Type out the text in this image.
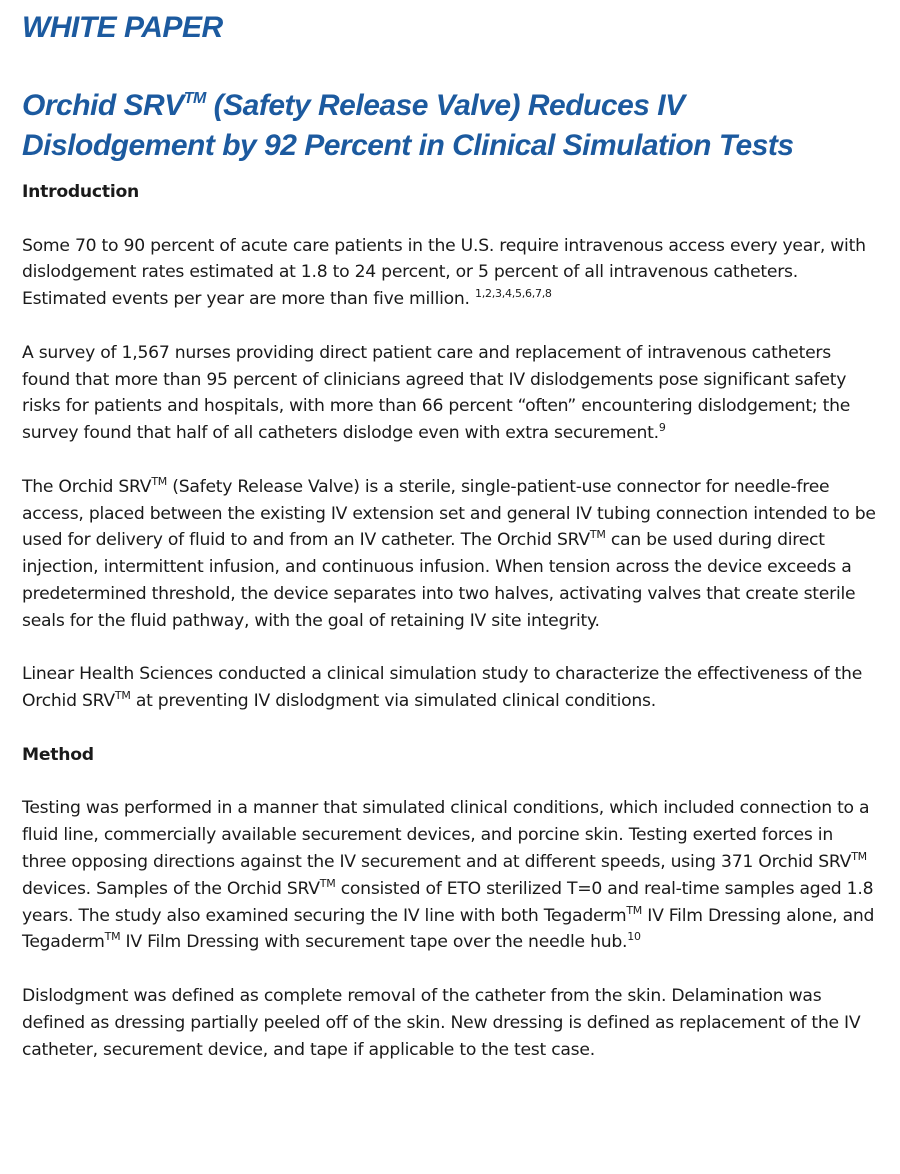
WHITE PAPER
Orchid SRV™ (Safety Release Valve) Reduces IV Dislodgement by 92 Percent in Clinical Simulation Tests
Introduction

Some 70 to 90 percent of acute care patients in the U.S. require intravenous access every year, with dislodgement rates estimated at 1.8 to 24 percent, or 5 percent of all intravenous catheters. Estimated events per year are more than five million. $^{1,2,3,4,5,6,7,8}$

A survey of 1,567 nurses providing direct patient care and replacement of intravenous catheters found that more than 95 percent of clinicians agreed that IV dislodgements pose significant safety risks for patients and hospitals, with more than 66 percent “often” encountering dislodgement; the survey found that half of all catheters dislodge even with extra securement.$^9$

The Orchid SRV™ (Safety Release Valve) is a sterile, single-patient-use connector for needle-free access, placed between the existing IV extension set and general IV tubing connection intended to be used for delivery of fluid to and from an IV catheter. The Orchid SRV™ can be used during direct injection, intermittent infusion, and continuous infusion. When tension across the device exceeds a predetermined threshold, the device separates into two halves, activating valves that create sterile seals for the fluid pathway, with the goal of retaining IV site integrity.

Linear Health Sciences conducted a clinical simulation study to characterize the effectiveness of the Orchid SRV™ at preventing IV dislodgment via simulated clinical conditions.

Method

Testing was performed in a manner that simulated clinical conditions, which included connection to a fluid line, commercially available securement devices, and porcine skin. Testing exerted forces in three opposing directions against the IV securement and at different speeds, using 371 Orchid SRV™ devices. Samples of the Orchid SRV™ consisted of ETO sterilized T=0 and real-time samples aged 1.8 years. The study also examined securing the IV line with both Tegaderm™ IV Film Dressing alone, and Tegaderm™ IV Film Dressing with securement tape over the needle hub.$^{10}$

Dislodgment was defined as complete removal of the catheter from the skin. Delamination was defined as dressing partially peeled off of the skin. New dressing is defined as replacement of the IV catheter, securement device, and tape if applicable to the test case.
